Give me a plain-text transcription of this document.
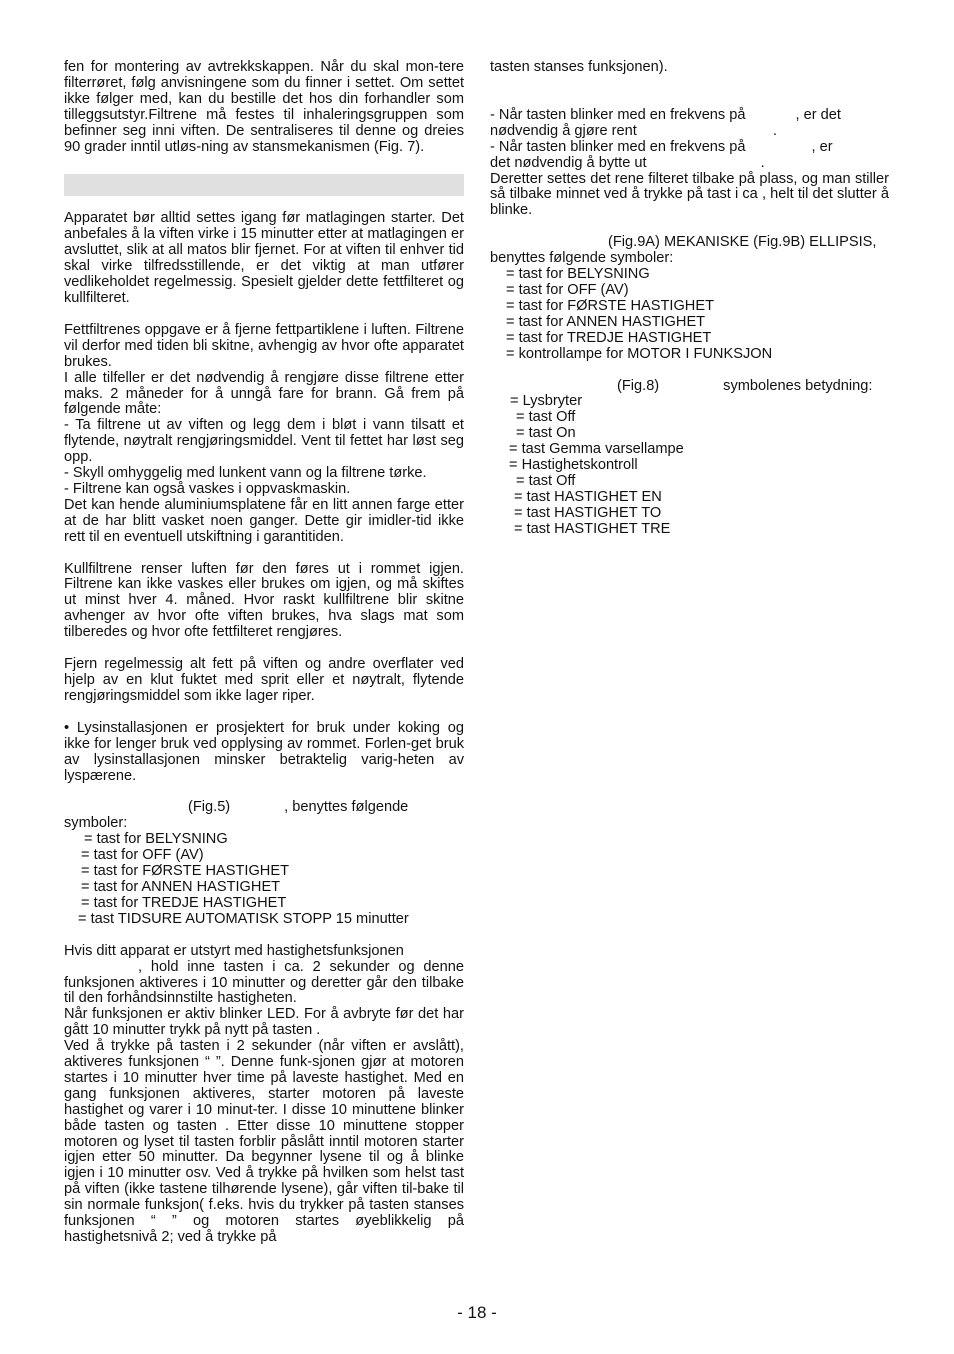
fen for montering av avtrekkskappen. Når du skal mon-tere filterrøret, følg anvisningene som du finner i settet. Om settet ikke følger med, kan du bestille det hos din forhandler som tilleggsutstyr.Filtrene må festes til inhaleringsgruppen som befinner seg inni viften. De sentraliseres til denne og dreies 90 grader inntil utløs-ning av stansmekanismen (Fig. 7).

Apparatet bør alltid settes igang før matlagingen starter. Det anbefales å la viften virke i 15 minutter etter at matlagingen er avsluttet, slik at all matos blir fjernet. For at viften til enhver tid skal virke tilfredsstillende, er det viktig at man utfører vedlikeholdet regelmessig. Spesielt gjelder dette fettfilteret og kullfilteret.

Fettfiltrenes oppgave er å fjerne fettpartiklene i luften. Filtrene vil derfor med tiden bli skitne, avhengig av hvor ofte apparatet brukes.

I alle tilfeller er det nødvendig å rengjøre disse filtrene etter maks. 2 måneder for å unngå fare for brann. Gå frem på følgende måte:

- Ta filtrene ut av viften og legg dem i bløt i vann tilsatt et flytende, nøytralt rengjøringsmiddel. Vent til fettet har løst seg opp.

- Skyll omhyggelig med lunkent vann og la filtrene tørke.

- Filtrene kan også vaskes i oppvaskmaskin.

Det kan hende aluminiumsplatene får en litt annen farge etter at de har blitt vasket noen ganger. Dette gir imidler-tid ikke rett til en eventuell utskiftning i garantitiden.

Kullfiltrene renser luften før den føres ut i rommet igjen. Filtrene kan ikke vaskes eller brukes om igjen, og må skiftes ut minst hver 4. måned. Hvor raskt kullfiltrene blir skitne avhenger av hvor ofte viften brukes, hva slags mat som tilberedes og hvor ofte fettfilteret rengjøres.

Fjern regelmessig alt fett på viften og andre overflater ved hjelp av en klut fuktet med sprit eller et nøytralt, flytende rengjøringsmiddel som ikke lager riper.

• Lysinstallasjonen er prosjektert for bruk under koking og ikke for lenger bruk ved opplysing av rommet. Forlen-get bruk av lysinstallasjonen minsker betraktelig varig-heten av lyspærene.

(Fig.5)	, benyttes følgende

symboler:

= tast for BELYSNING

= tast for OFF (AV)

= tast for FØRSTE HASTIGHET

= tast for ANNEN HASTIGHET

= tast for TREDJE HASTIGHET

= tast TIDSURE AUTOMATISK STOPP 15 minutter

Hvis ditt apparat er utstyrt med hastighetsfunksjonen

, hold inne tasten i ca. 2 sekunder og denne funksjonen aktiveres i 10 minutter og deretter går den tilbake til den forhåndsinnstilte hastigheten.

Når funksjonen er aktiv blinker LED. For å avbryte før det har gått 10 minutter trykk på nytt på tasten .

Ved å trykke på tasten i 2 sekunder (når viften er avslått), aktiveres funksjonen “ ”. Denne funk-sjonen gjør at motoren startes i 10 minutter hver time på laveste hastighet. Med en gang funksjonen aktiveres, starter motoren på laveste hastighet og varer i 10 minut-ter. I disse 10 minuttene blinker både tasten og tasten . Etter disse 10 minuttene stopper motoren og lyset til tasten forblir påslått inntil motoren starter igjen etter 50 minutter. Da begynner lysene til og å blinke igjen i 10 minutter osv. Ved å trykke på hvilken som helst tast på viften (ikke tastene tilhørende lysene), går viften til-bake til sin normale funksjon( f.eks. hvis du trykker på tasten stanses funksjonen “ ” og motoren startes øyeblikkelig på hastighetsnivå 2; ved å trykke på

tasten stanses funksjonen).

- Når tasten blinker med en frekvens på	, er det

nødvendig å gjøre rent	.

- Når tasten blinker med en frekvens på	, er

det nødvendig å bytte ut	.

Deretter settes det rene filteret tilbake på plass, og man stiller så tilbake minnet ved å trykke på tast i ca , helt til det slutter å blinke.

(Fig.9A) MEKANISKE (Fig.9B) ELLIPSIS,

benyttes følgende symboler:

= tast for BELYSNING

= tast for OFF (AV)

= tast for FØRSTE HASTIGHET

= tast for ANNEN HASTIGHET

= tast for TREDJE HASTIGHET

= kontrollampe for MOTOR I FUNKSJON

(Fig.8)	symbolenes betydning:

= Lysbryter

= tast Off

= tast On

= tast Gemma varsellampe

= Hastighetskontroll

= tast Off

= tast HASTIGHET EN

= tast HASTIGHET TO

= tast HASTIGHET TRE

- 18 -
